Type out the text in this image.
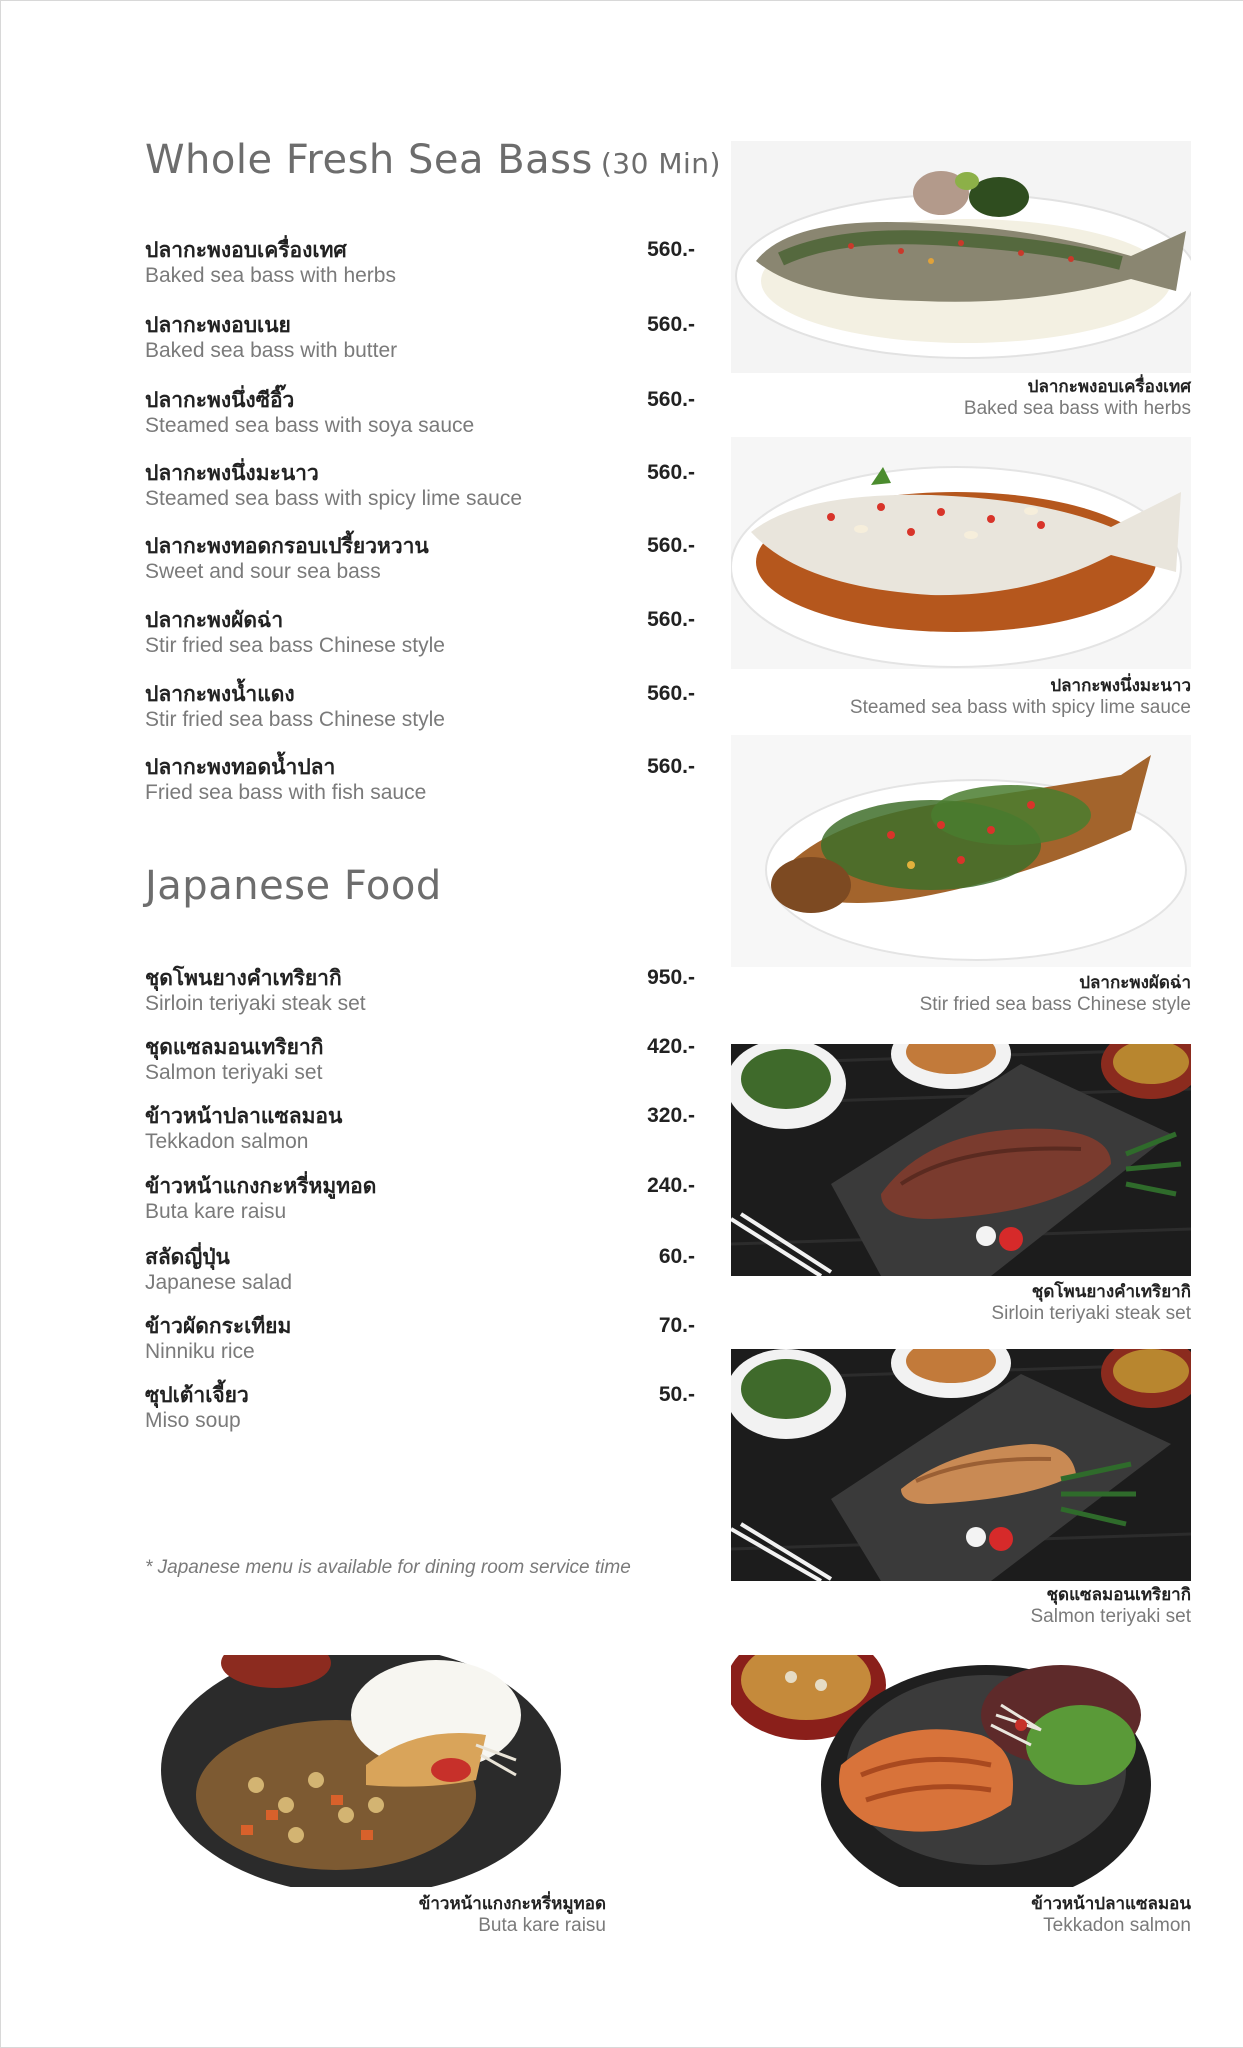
Whole Fresh Sea Bass (30 Min)
ปลากะพงอบเครื่องเทศ
Baked sea bass with herbs
560.-
ปลากะพงอบเนย
Baked sea bass with butter
560.-
ปลากะพงนึ่งซีอิ๊ว
Steamed sea bass with soya sauce
560.-
ปลากะพงนึ่งมะนาว
Steamed sea bass with spicy lime sauce
560.-
ปลากะพงทอดกรอบเปรี้ยวหวาน
Sweet and sour sea bass
560.-
ปลากะพงผัดฉ่า
Stir fried sea bass Chinese style
560.-
ปลากะพงน้ำแดง
Stir fried sea bass Chinese style
560.-
ปลากะพงทอดน้ำปลา
Fried sea bass with fish sauce
560.-
Japanese Food
ชุดโพนยางคำเทริยากิ
Sirloin teriyaki steak set
950.-
ชุดแซลมอนเทริยากิ
Salmon teriyaki set
420.-
ข้าวหน้าปลาแซลมอน
Tekkadon salmon
320.-
ข้าวหน้าแกงกะหรี่หมูทอด
Buta kare raisu
240.-
สลัดญี่ปุ่น
Japanese salad
60.-
ข้าวผัดกระเทียม
Ninniku rice
70.-
ซุปเต้าเจี้ยว
Miso soup
50.-
* Japanese menu is available for dining room service time
ปลากะพงอบเครื่องเทศ
Baked sea bass with herbs
ปลากะพงนึ่งมะนาว
Steamed sea bass with spicy lime sauce
ปลากะพงผัดฉ่า
Stir fried sea bass Chinese style
ชุดโพนยางคำเทริยากิ
Sirloin teriyaki steak set
ชุดแซลมอนเทริยากิ
Salmon teriyaki set
ข้าวหน้าแกงกะหรี่หมูทอด
Buta kare raisu
ข้าวหน้าปลาแซลมอน
Tekkadon salmon
